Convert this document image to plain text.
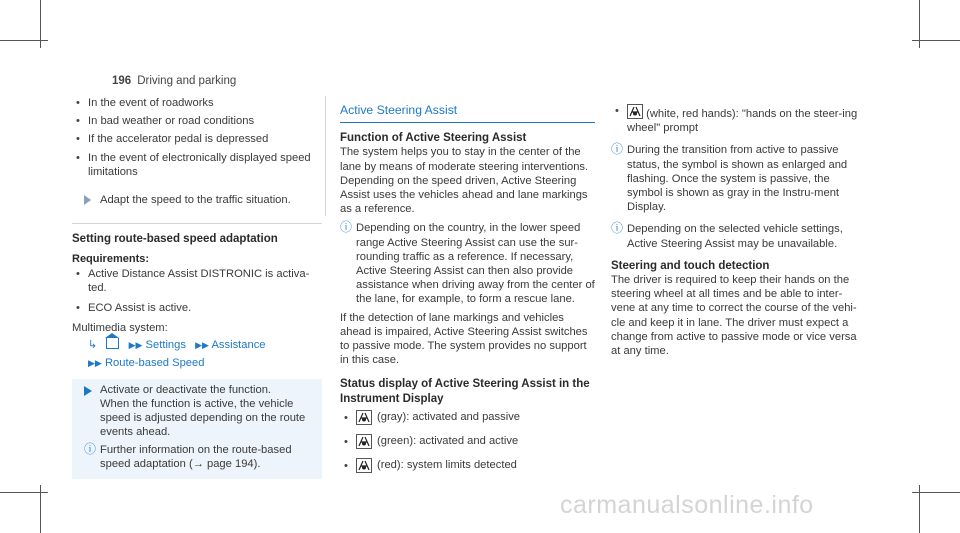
196 Driving and parking
• In the event of roadworks
• In bad weather or road conditions
• If the accelerator pedal is depressed
• In the event of electronically displayed speed limitations
Adapt the speed to the traffic situation.
Setting route-based speed adaptation
Requirements:
• Active Distance Assist DISTRONIC is activa-ted.
• ECO Assist is active.

Multimedia system:

↳	▶▶ Settings ▶▶ Assistance
▶▶ Route-based Speed

Activate or deactivate the function.

When the function is active, the vehicle speed is adjusted depending on the route events ahead.

ⓘ Further information on the route-based speed adaptation (→ page 194).
Active Steering Assist
Function of Active Steering Assist

The system helps you to stay in the center of the lane by means of moderate steering interventions. Depending on the speed driven, Active Steering Assist uses the vehicles ahead and lane markings as a reference.

ⓘ Depending on the country, in the lower speed range Active Steering Assist can use the sur-rounding traffic as a reference. If necessary, Active Steering Assist can then also provide assistance when driving away from the center of the lane, for example, to form a rescue lane.

If the detection of lane markings and vehicles ahead is impaired, Active Steering Assist switches to passive mode. The system provides no support in this case.

Status display of Active Steering Assist in the Instrument Display
• (gray): activated and passive
• (green): activated and active
• (red): system limits detected
• (white, red hands): "hands on the steer-ing wheel" prompt
ⓘ During the transition from active to passive status, the symbol is shown as enlarged and flashing. Once the system is passive, the symbol is shown as gray in the Instru-ment Display.
ⓘ Depending on the selected vehicle settings, Active Steering Assist may be unavailable.
Steering and touch detection

The driver is required to keep their hands on the steering wheel at all times and be able to inter-vene at any time to correct the course of the vehi-cle and keep it in lane. The driver must expect a change from active to passive mode or vice versa at any time.

carmanualsonline.info
